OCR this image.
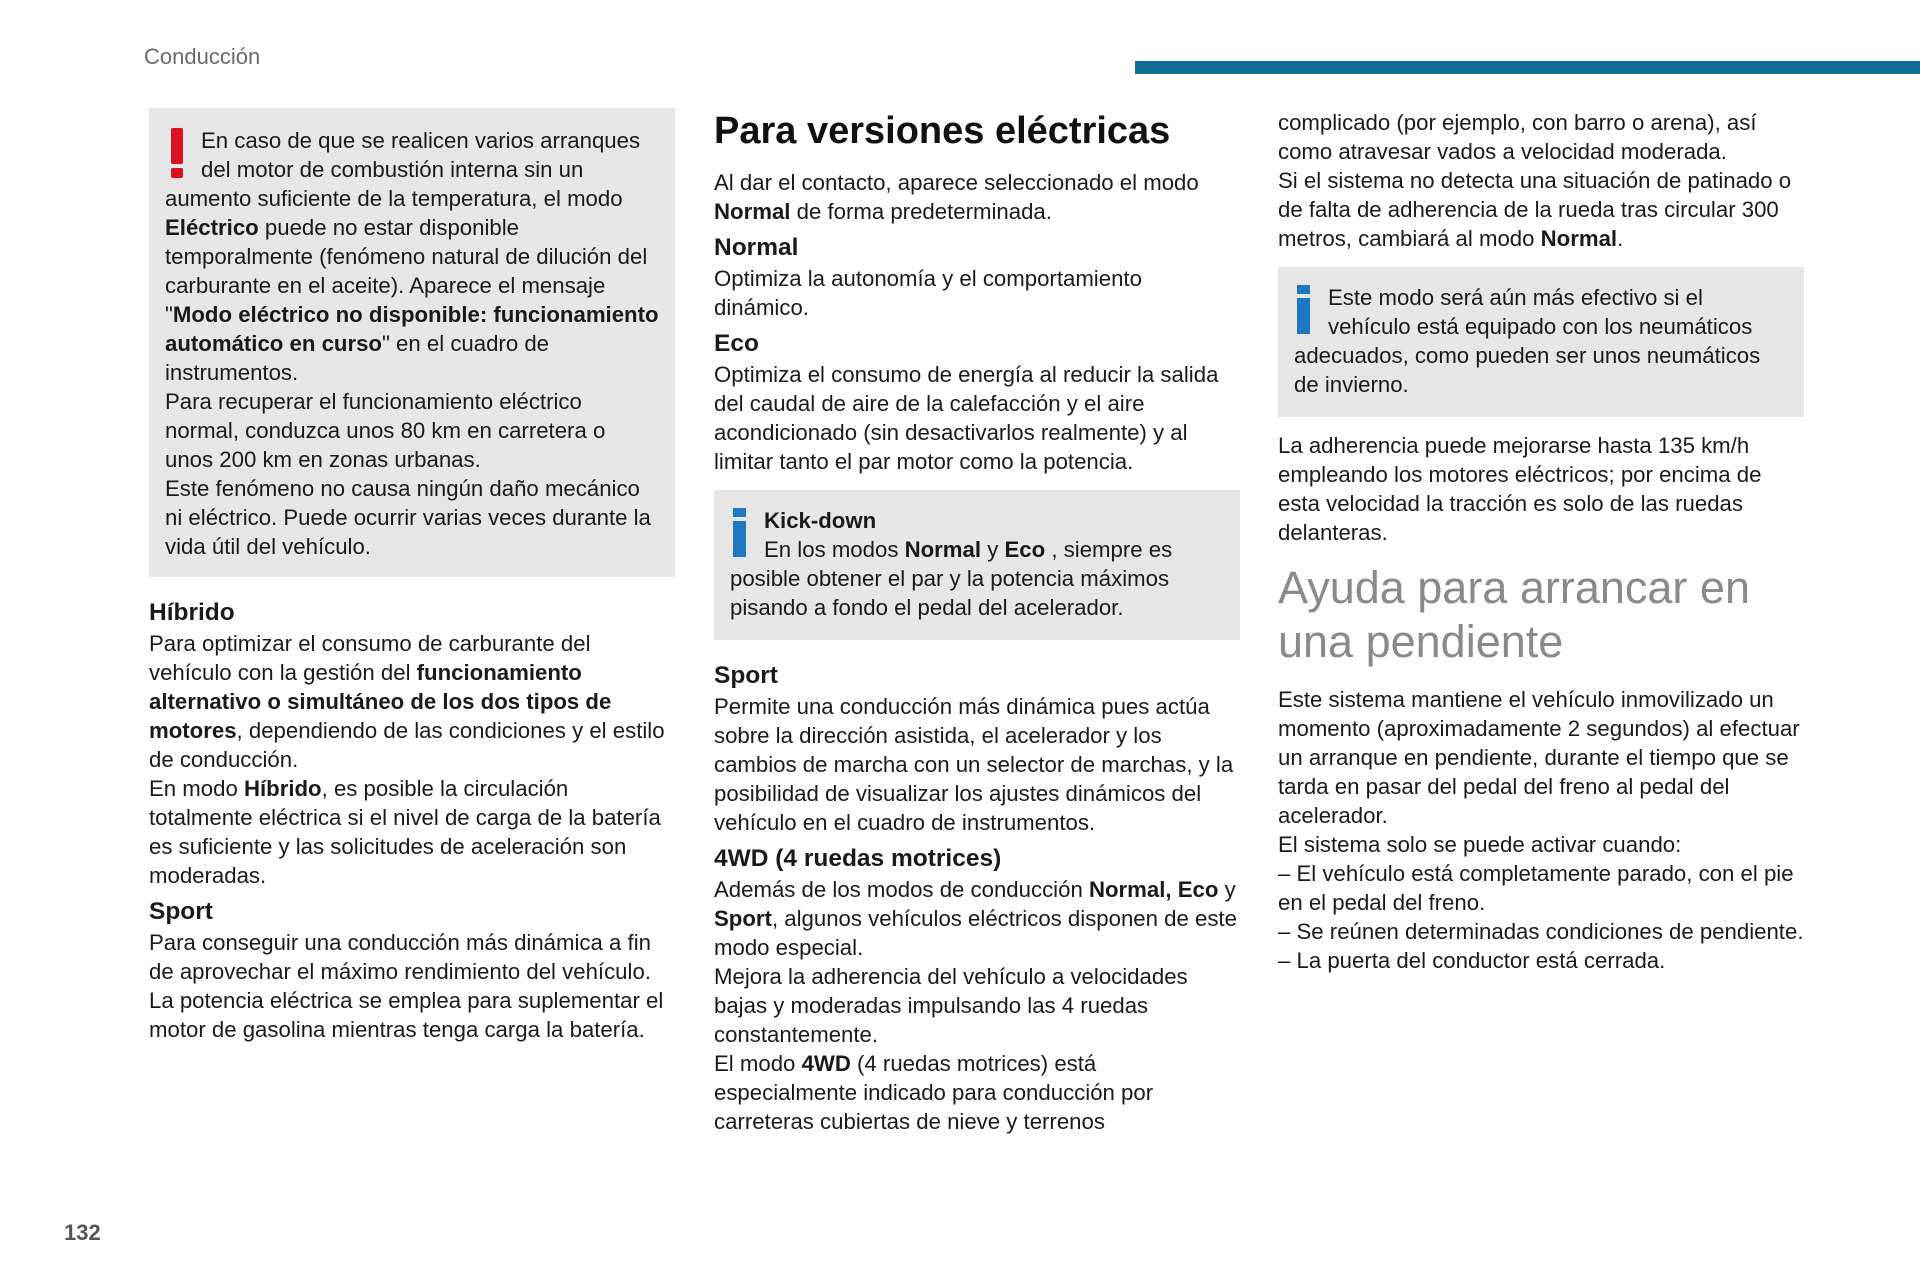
Conducción

En caso de que se realicen varios arranques del motor de combustión interna sin un aumento suficiente de la temperatura, el modo Eléctrico puede no estar disponible temporalmente (fenómeno natural de dilución del carburante en el aceite). Aparece el mensaje "Modo eléctrico no disponible: funcionamiento automático en curso" en el cuadro de instrumentos.

Para recuperar el funcionamiento eléctrico normal, conduzca unos 80 km en carretera o unos 200 km en zonas urbanas.

Este fenómeno no causa ningún daño mecánico ni eléctrico. Puede ocurrir varias veces durante la vida útil del vehículo.

Híbrido

Para optimizar el consumo de carburante del vehículo con la gestión del funcionamiento alternativo o simultáneo de los dos tipos de motores, dependiendo de las condiciones y el estilo de conducción.

En modo Híbrido, es posible la circulación totalmente eléctrica si el nivel de carga de la batería es suficiente y las solicitudes de aceleración son moderadas.

Sport

Para conseguir una conducción más dinámica a fin de aprovechar el máximo rendimiento del vehículo.

La potencia eléctrica se emplea para suplementar el motor de gasolina mientras tenga carga la batería.

Para versiones eléctricas

Al dar el contacto, aparece seleccionado el modo Normal de forma predeterminada.

Normal

Optimiza la autonomía y el comportamiento dinámico.

Eco

Optimiza el consumo de energía al reducir la salida del caudal de aire de la calefacción y el aire acondicionado (sin desactivarlos realmente) y al limitar tanto el par motor como la potencia.

Kick-down

En los modos Normal y Eco , siempre es posible obtener el par y la potencia máximos pisando a fondo el pedal del acelerador.

Sport

Permite una conducción más dinámica pues actúa sobre la dirección asistida, el acelerador y los cambios de marcha con un selector de marchas, y la posibilidad de visualizar los ajustes dinámicos del vehículo en el cuadro de instrumentos.

4WD (4 ruedas motrices)

Además de los modos de conducción Normal, Eco y Sport, algunos vehículos eléctricos disponen de este modo especial.

Mejora la adherencia del vehículo a velocidades bajas y moderadas impulsando las 4 ruedas constantemente.

El modo 4WD (4 ruedas motrices) está especialmente indicado para conducción por carreteras cubiertas de nieve y terrenos

complicado (por ejemplo, con barro o arena), así como atravesar vados a velocidad moderada.

Si el sistema no detecta una situación de patinado o de falta de adherencia de la rueda tras circular 300 metros, cambiará al modo Normal.

Este modo será aún más efectivo si el vehículo está equipado con los neumáticos adecuados, como pueden ser unos neumáticos de invierno.

La adherencia puede mejorarse hasta 135 km/h empleando los motores eléctricos; por encima de esta velocidad la tracción es solo de las ruedas delanteras.

Ayuda para arrancar en una pendiente

Este sistema mantiene el vehículo inmovilizado un momento (aproximadamente 2 segundos) al efectuar un arranque en pendiente, durante el tiempo que se tarda en pasar del pedal del freno al pedal del acelerador.

El sistema solo se puede activar cuando:

– El vehículo está completamente parado, con el pie en el pedal del freno.

– Se reúnen determinadas condiciones de pendiente.

– La puerta del conductor está cerrada.

132
